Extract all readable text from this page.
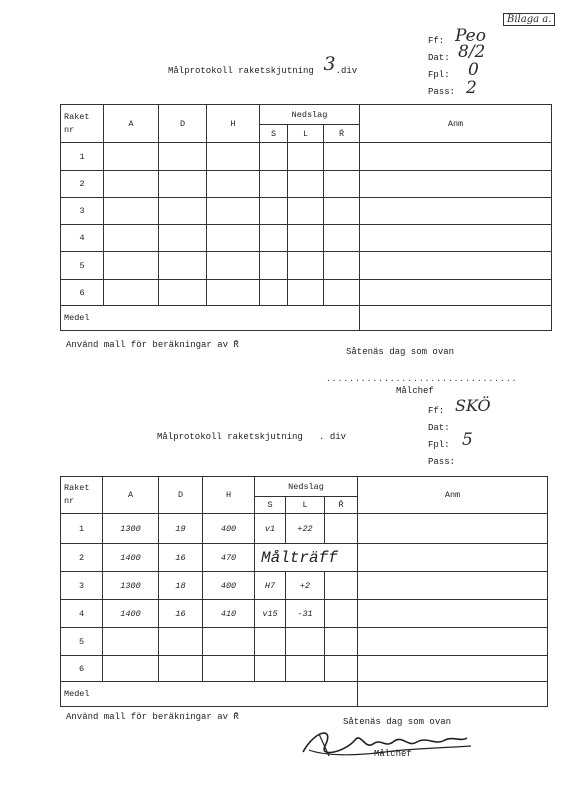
Bilaga a.
Ff: Peo
Dat: 8/2
Fpl: 0
Pass: 2
Målprotokoll raketskjutning 3.div
Raket
nr	A	D	H	Nedslag			Anm
				S	L	R̄	
1							
2							
3							
4							
5							
6							
Medel							
Använd mall för beräkningar av R̄
Såtenäs dag som ovan
.................................
Målchef
Ff: SKÖ
Dat:
Fpl: 5
Pass:
Målprotokoll raketskjutning   . div
Raket
nr	A	D	H	Nedslag			Anm
				S	L	R̄	
1	1300	19	400	v1	+22		
2	1400	16	470	Målträff			
3	1300	18	400	H7	+2		
4	1400	16	410	v15	-31		
5							
6							
Medel							
Använd mall för beräkningar av R̄	Såtenäs dag som ovan
Målchef
